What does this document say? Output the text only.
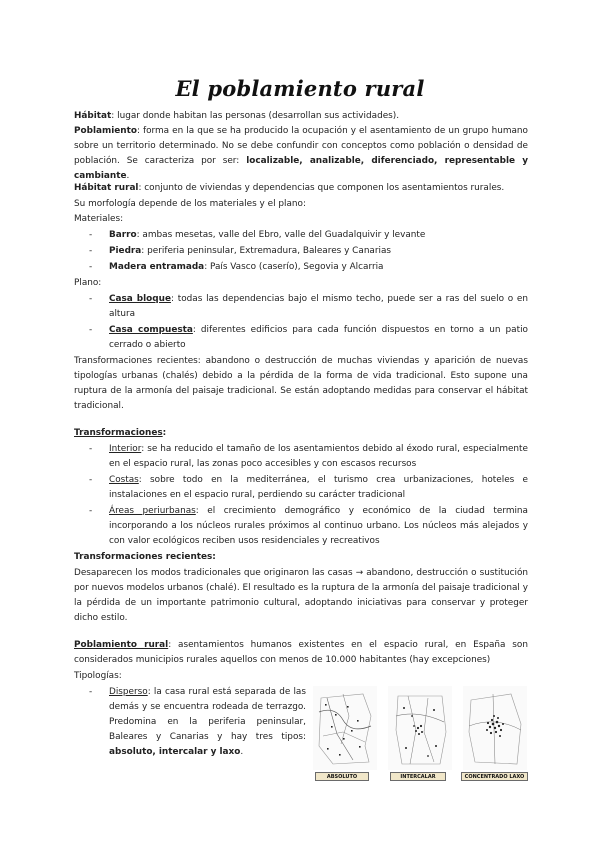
El poblamiento rural
Hábitat: lugar donde habitan las personas (desarrollan sus actividades).
Poblamiento: forma en la que se ha producido la ocupación y el asentamiento de un grupo humano sobre un territorio determinado. No se debe confundir con conceptos como población o densidad de población. Se caracteriza por ser: localizable, analizable, diferenciado, representable y cambiante.
Hábitat rural: conjunto de viviendas y dependencias que componen los asentamientos rurales.
Su morfología depende de los materiales y el plano:
Materiales:
- Barro: ambas mesetas, valle del Ebro, valle del Guadalquivir y levante
- Piedra: periferia peninsular, Extremadura, Baleares y Canarias
- Madera entramada: País Vasco (caserío), Segovia y Alcarria
Plano:
- Casa bloque: todas las dependencias bajo el mismo techo, puede ser a ras del suelo o en altura
- Casa compuesta: diferentes edificios para cada función dispuestos en torno a un patio cerrado o abierto
Transformaciones recientes: abandono o destrucción de muchas viviendas y aparición de nuevas tipologías urbanas (chalés) debido a la pérdida de la forma de vida tradicional. Esto supone una ruptura de la armonía del paisaje tradicional. Se están adoptando medidas para conservar el hábitat tradicional.
Transformaciones:
- Interior: se ha reducido el tamaño de los asentamientos debido al éxodo rural, especialmente en el espacio rural, las zonas poco accesibles y con escasos recursos
- Costas: sobre todo en la mediterránea, el turismo crea urbanizaciones, hoteles e instalaciones en el espacio rural, perdiendo su carácter tradicional
- Áreas periurbanas: el crecimiento demográfico y económico de la ciudad termina incorporando a los núcleos rurales próximos al continuo urbano. Los núcleos más alejados y con valor ecológicos reciben usos residenciales y recreativos
Transformaciones recientes:
Desaparecen los modos tradicionales que originaron las casas → abandono, destrucción o sustitución por nuevos modelos urbanos (chalé). El resultado es la ruptura de la armonía del paisaje tradicional y la pérdida de un importante patrimonio cultural, adoptando iniciativas para conservar y proteger dicho estilo.
Poblamiento rural: asentamientos humanos existentes en el espacio rural, en España son considerados municipios rurales aquellos con menos de 10.000 habitantes (hay excepciones)
Tipologías:
- Disperso: la casa rural está separada de las demás y se encuentra rodeada de terrazgo. Predomina en la periferia peninsular, Baleares y Canarias y hay tres tipos: absoluto, intercalar y laxo.
ABSOLUTO	INTERCALAR	CONCENTRADO LAXO
